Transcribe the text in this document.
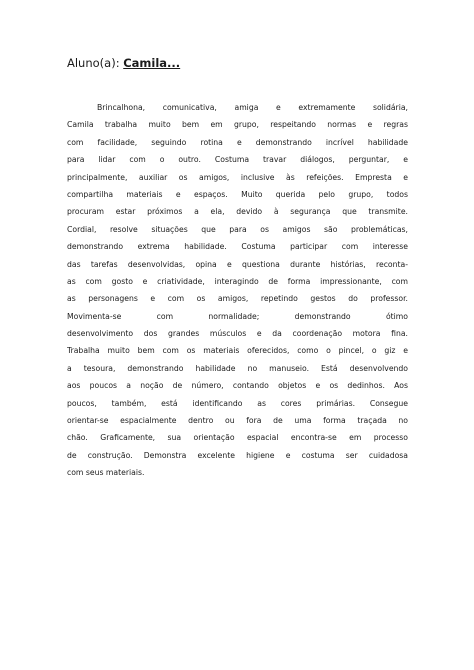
Aluno(a): Camila...
Brincalhona, comunicativa, amiga e extremamente solidária,
Camila trabalha muito bem em grupo, respeitando normas e regras
com facilidade, seguindo rotina e demonstrando incrível habilidade
para lidar com o outro. Costuma travar diálogos, perguntar, e
principalmente, auxiliar os amigos, inclusive às refeições. Empresta e
compartilha materiais e espaços. Muito querida pelo grupo, todos
procuram estar próximos a ela, devido à segurança que transmite.
Cordial, resolve situações que para os amigos são problemáticas,
demonstrando extrema habilidade. Costuma participar com interesse
das tarefas desenvolvidas, opina e questiona durante histórias, reconta-
as com gosto e criatividade, interagindo de forma impressionante, com
as personagens e com os amigos, repetindo gestos do professor.
Movimenta-se com normalidade; demonstrando ótimo
desenvolvimento dos grandes músculos e da coordenação motora fina.
Trabalha muito bem com os materiais oferecidos, como o pincel, o giz e
a tesoura, demonstrando habilidade no manuseio. Está desenvolvendo
aos poucos a noção de número, contando objetos e os dedinhos. Aos
poucos, também, está identificando as cores primárias. Consegue
orientar-se espacialmente dentro ou fora de uma forma traçada no
chão. Graficamente, sua orientação espacial encontra-se em processo
de construção. Demonstra excelente higiene e costuma ser cuidadosa
com seus materiais.
